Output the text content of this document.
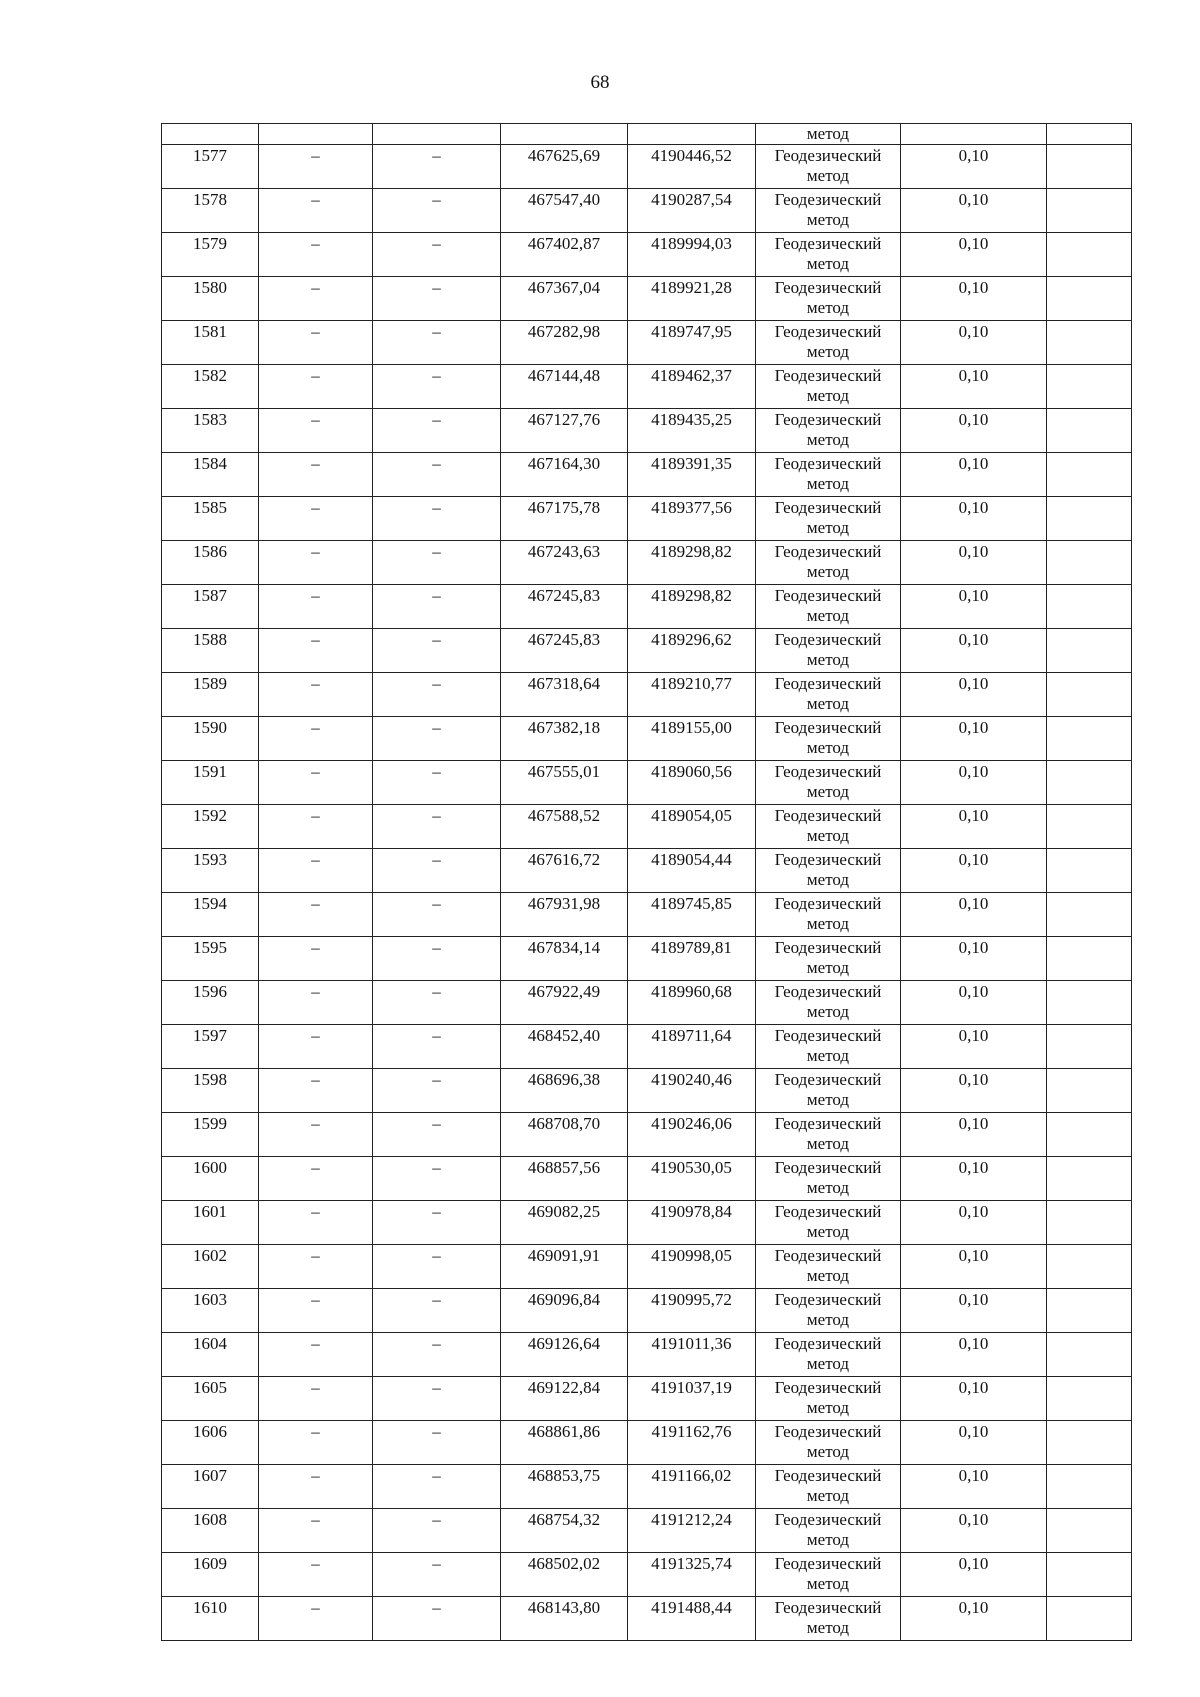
68
					метод		
1577	–	–	467625,69	4190446,52	Геодезический
метод	0,10	
1578	–	–	467547,40	4190287,54	Геодезический
метод	0,10	
1579	–	–	467402,87	4189994,03	Геодезический
метод	0,10	
1580	–	–	467367,04	4189921,28	Геодезический
метод	0,10	
1581	–	–	467282,98	4189747,95	Геодезический
метод	0,10	
1582	–	–	467144,48	4189462,37	Геодезический
метод	0,10	
1583	–	–	467127,76	4189435,25	Геодезический
метод	0,10	
1584	–	–	467164,30	4189391,35	Геодезический
метод	0,10	
1585	–	–	467175,78	4189377,56	Геодезический
метод	0,10	
1586	–	–	467243,63	4189298,82	Геодезический
метод	0,10	
1587	–	–	467245,83	4189298,82	Геодезический
метод	0,10	
1588	–	–	467245,83	4189296,62	Геодезический
метод	0,10	
1589	–	–	467318,64	4189210,77	Геодезический
метод	0,10	
1590	–	–	467382,18	4189155,00	Геодезический
метод	0,10	
1591	–	–	467555,01	4189060,56	Геодезический
метод	0,10	
1592	–	–	467588,52	4189054,05	Геодезический
метод	0,10	
1593	–	–	467616,72	4189054,44	Геодезический
метод	0,10	
1594	–	–	467931,98	4189745,85	Геодезический
метод	0,10	
1595	–	–	467834,14	4189789,81	Геодезический
метод	0,10	
1596	–	–	467922,49	4189960,68	Геодезический
метод	0,10	
1597	–	–	468452,40	4189711,64	Геодезический
метод	0,10	
1598	–	–	468696,38	4190240,46	Геодезический
метод	0,10	
1599	–	–	468708,70	4190246,06	Геодезический
метод	0,10	
1600	–	–	468857,56	4190530,05	Геодезический
метод	0,10	
1601	–	–	469082,25	4190978,84	Геодезический
метод	0,10	
1602	–	–	469091,91	4190998,05	Геодезический
метод	0,10	
1603	–	–	469096,84	4190995,72	Геодезический
метод	0,10	
1604	–	–	469126,64	4191011,36	Геодезический
метод	0,10	
1605	–	–	469122,84	4191037,19	Геодезический
метод	0,10	
1606	–	–	468861,86	4191162,76	Геодезический
метод	0,10	
1607	–	–	468853,75	4191166,02	Геодезический
метод	0,10	
1608	–	–	468754,32	4191212,24	Геодезический
метод	0,10	
1609	–	–	468502,02	4191325,74	Геодезический
метод	0,10	
1610	–	–	468143,80	4191488,44	Геодезический
метод	0,10	
